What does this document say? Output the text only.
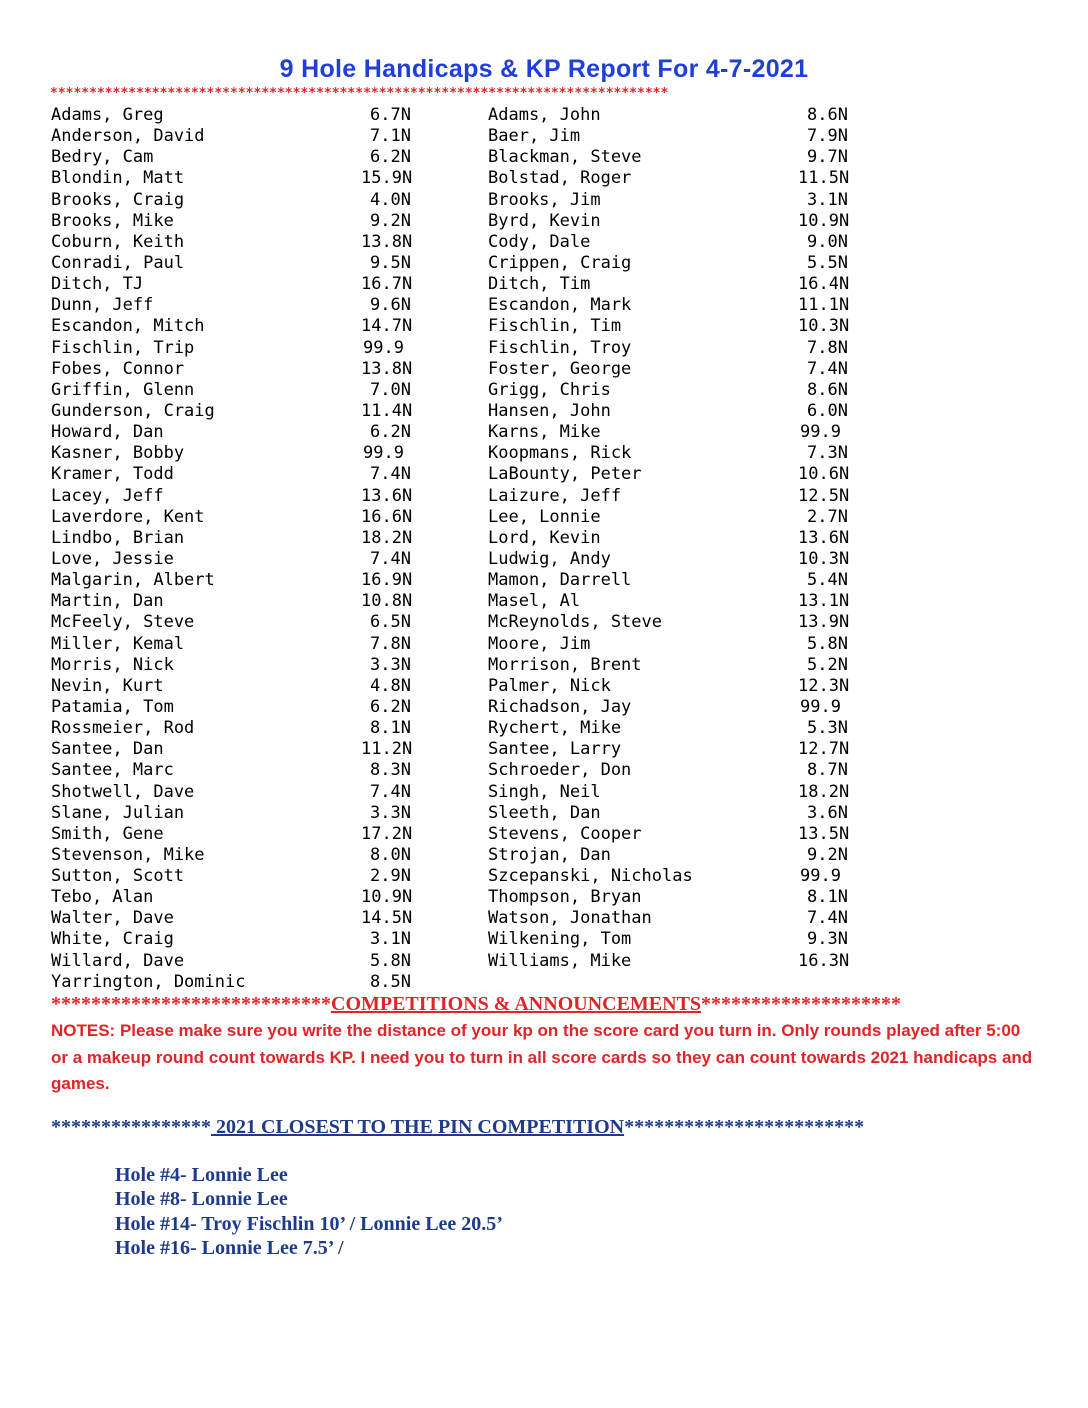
9 Hole Handicaps & KP Report For 4-7-2021
*******************************************************************************
Adams, Greg	6.7N
Anderson, David	7.1N
Bedry, Cam	6.2N
Blondin, Matt	15.9N
Brooks, Craig	4.0N
Brooks, Mike	9.2N
Coburn, Keith	13.8N
Conradi, Paul	9.5N
Ditch, TJ	16.7N
Dunn, Jeff	9.6N
Escandon, Mitch	14.7N
Fischlin, Trip	99.9
Fobes, Connor	13.8N
Griffin, Glenn	7.0N
Gunderson, Craig	11.4N
Howard, Dan	6.2N
Kasner, Bobby	99.9
Kramer, Todd	7.4N
Lacey, Jeff	13.6N
Laverdore, Kent	16.6N
Lindbo, Brian	18.2N
Love, Jessie	7.4N
Malgarin, Albert	16.9N
Martin, Dan	10.8N
McFeely, Steve	6.5N
Miller, Kemal	7.8N
Morris, Nick	3.3N
Nevin, Kurt	4.8N
Patamia, Tom	6.2N
Rossmeier, Rod	8.1N
Santee, Dan	11.2N
Santee, Marc	8.3N
Shotwell, Dave	7.4N
Slane, Julian	3.3N
Smith, Gene	17.2N
Stevenson, Mike	8.0N
Sutton, Scott	2.9N
Tebo, Alan	10.9N
Walter, Dave	14.5N
White, Craig	3.1N
Willard, Dave	5.8N
Yarrington, Dominic	8.5N
Adams, John	8.6N
Baer, Jim	7.9N
Blackman, Steve	9.7N
Bolstad, Roger	11.5N
Brooks, Jim	3.1N
Byrd, Kevin	10.9N
Cody, Dale	9.0N
Crippen, Craig	5.5N
Ditch, Tim	16.4N
Escandon, Mark	11.1N
Fischlin, Tim	10.3N
Fischlin, Troy	7.8N
Foster, George	7.4N
Grigg, Chris	8.6N
Hansen, John	6.0N
Karns, Mike	99.9
Koopmans, Rick	7.3N
LaBounty, Peter	10.6N
Laizure, Jeff	12.5N
Lee, Lonnie	2.7N
Lord, Kevin	13.6N
Ludwig, Andy	10.3N
Mamon, Darrell	5.4N
Masel, Al	13.1N
McReynolds, Steve	13.9N
Moore, Jim	5.8N
Morrison, Brent	5.2N
Palmer, Nick	12.3N
Richadson, Jay	99.9
Rychert, Mike	5.3N
Santee, Larry	12.7N
Schroeder, Don	8.7N
Singh, Neil	18.2N
Sleeth, Dan	3.6N
Stevens, Cooper	13.5N
Strojan, Dan	9.2N
Szcepanski, Nicholas	99.9
Thompson, Bryan	8.1N
Watson, Jonathan	7.4N
Wilkening, Tom	9.3N
Williams, Mike	16.3N
****************************COMPETITIONS & ANNOUNCEMENTS********************
NOTES: Please make sure you write the distance of your kp on the score card you turn in. Only rounds played after 5:00 or a makeup round count towards KP. I need you to turn in all score cards so they can count towards 2021 handicaps and games.
**************** 2021 CLOSEST TO THE PIN COMPETITION************************
Hole #4- Lonnie Lee
Hole #8- Lonnie Lee
Hole #14- Troy Fischlin 10’ / Lonnie Lee 20.5’
Hole #16- Lonnie Lee 7.5’ /
